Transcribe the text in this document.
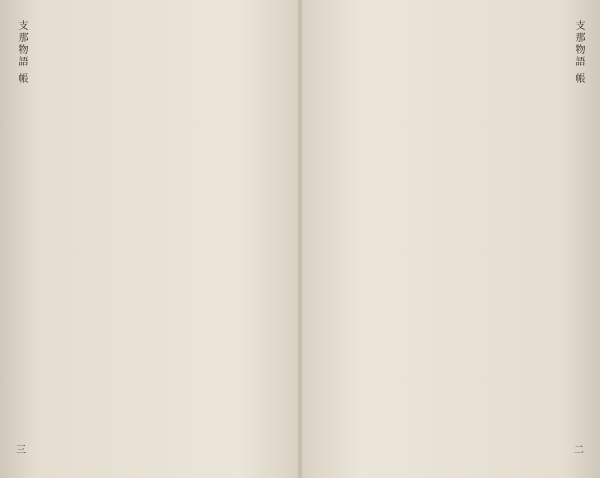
支那物語 帳
三
支那物語 帳
二
